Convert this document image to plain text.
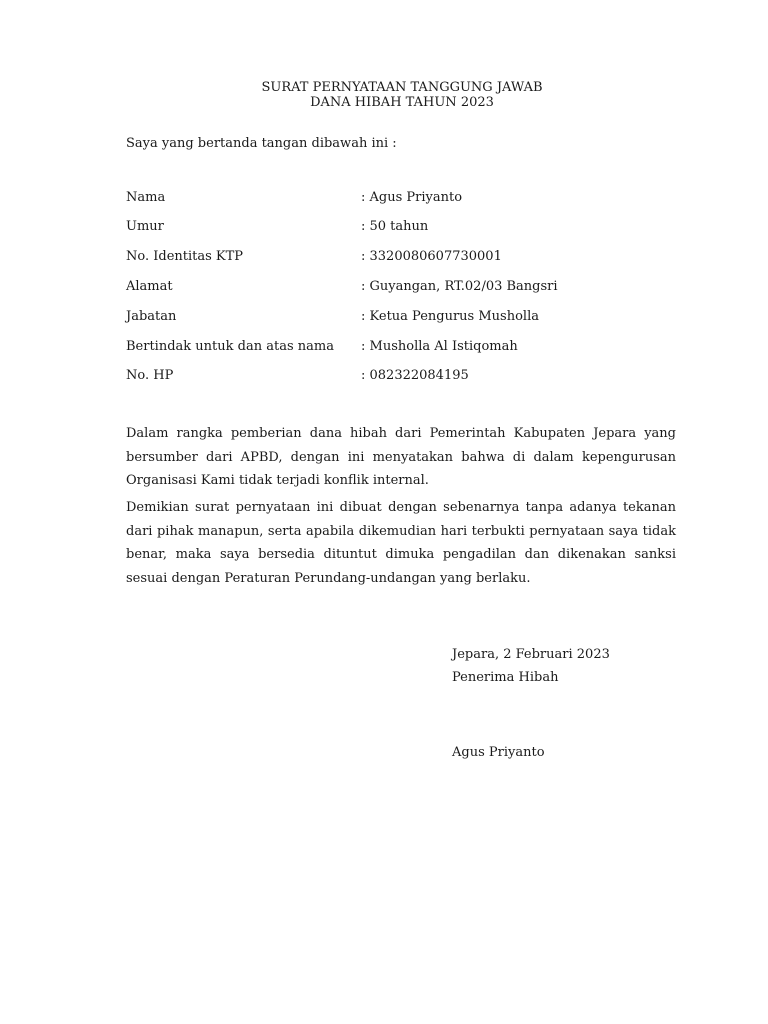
SURAT PERNYATAAN TANGGUNG JAWAB
DANA HIBAH TAHUN 2023
Saya yang bertanda tangan dibawah ini :
Nama	: Agus Priyanto
Umur	: 50 tahun
No. Identitas KTP	: 3320080607730001
Alamat	: Guyangan, RT.02/03 Bangsri
Jabatan	: Ketua Pengurus Musholla
Bertindak untuk dan atas nama : Musholla Al Istiqomah
No. HP	: 082322084195
Dalam rangka pemberian dana hibah dari Pemerintah Kabupaten Jepara yang bersumber dari APBD, dengan ini menyatakan bahwa di dalam kepengurusan Organisasi Kami tidak terjadi konflik internal.
Demikian surat pernyataan ini dibuat dengan sebenarnya tanpa adanya tekanan dari pihak manapun, serta apabila dikemudian hari terbukti pernyataan saya tidak benar, maka saya bersedia dituntut dimuka pengadilan dan dikenakan sanksi sesuai dengan Peraturan Perundang-undangan yang berlaku.
Jepara, 2 Februari 2023
Penerima Hibah
Agus Priyanto
